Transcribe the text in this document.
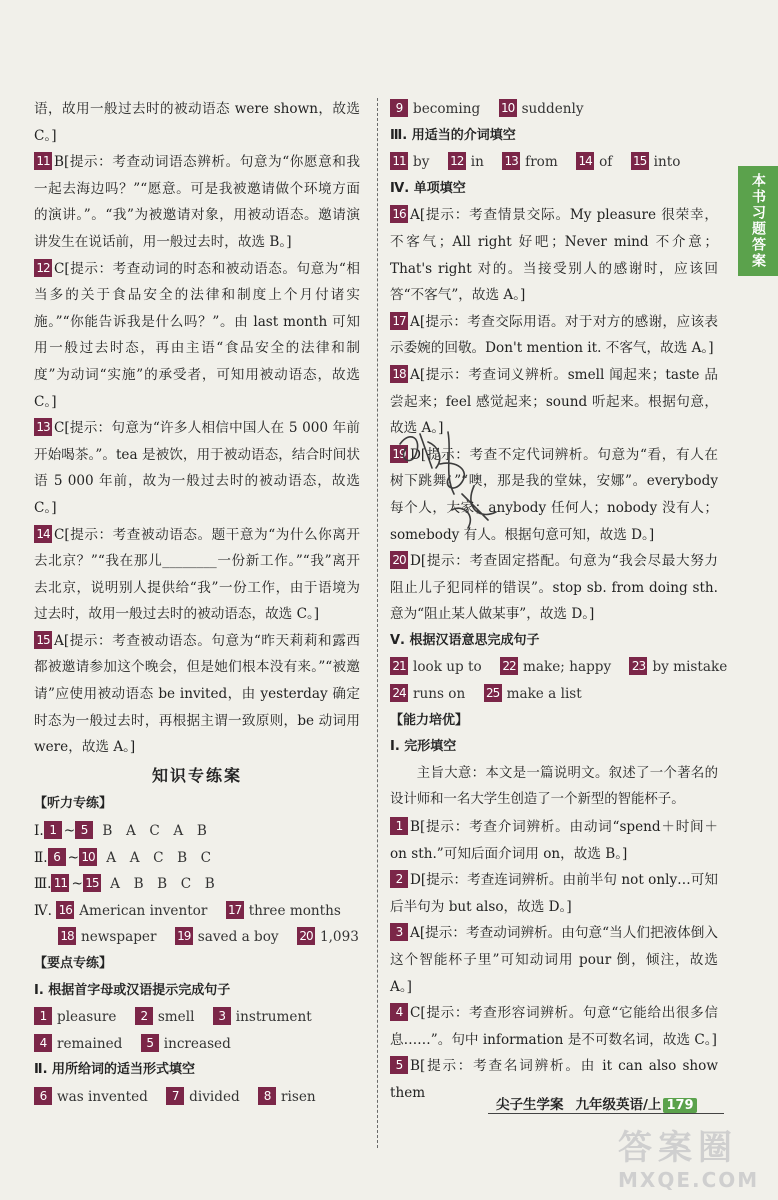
本书习题答案
语，故用一般过去时的被动语态 were shown，故选 C。]
11 B[提示：考查动词语态辨析。句意为“你愿意和我一起去海边吗？”“愿意。可是我被邀请做个环境方面的演讲。”。“我”为被邀请对象，用被动语态。邀请演讲发生在说话前，用一般过去时，故选 B。]
12 C[提示：考查动词的时态和被动语态。句意为“相当多的关于食品安全的法律和制度上个月付诸实施。”“你能告诉我是什么吗？”。由 last month 可知用一般过去时态，再由主语“食品安全的法律和制度”为动词“实施”的承受者，可知用被动语态，故选 C。]
13 C[提示：句意为“许多人相信中国人在 5 000 年前开始喝茶。”。tea 是被饮，用于被动语态，结合时间状语 5 000 年前，故为一般过去时的被动语态，故选 C。]
14 C[提示：考查被动语态。题干意为“为什么你离开去北京？”“我在那儿________一份新工作。”“我”离开去北京，说明别人提供给“我”一份工作，由于语境为过去时，故用一般过去时的被动语态，故选 C。]
15 A[提示：考查被动语态。句意为“昨天莉莉和露西都被邀请参加这个晚会，但是她们根本没有来。”“被邀请”应使用被动语态 be invited，由 yesterday 确定时态为一般过去时，再根据主谓一致原则，be 动词用 were，故选 A。]
知识专练案
【听力专练】
Ⅰ. 1 ~ 5 B　A　C　A　B
Ⅱ. 6 ~ 10 A　A　C　B　C
Ⅲ. 11 ~ 15 A　B　B　C　B
Ⅳ. 16 American inventor 17 three months
18 newspaper 19 saved a boy 20 1,093
【要点专练】
Ⅰ. 根据首字母或汉语提示完成句子
1 pleasure 2 smell 3 instrument
4 remained 5 increased
Ⅱ. 用所给词的适当形式填空
6 was invented 7 divided 8 risen
9 becoming 10 suddenly
Ⅲ. 用适当的介词填空
11 by 12 in 13 from 14 of 15 into
Ⅳ. 单项填空
16 A[提示：考查情景交际。My pleasure 很荣幸，不客气；All right 好吧；Never mind 不介意；That's right 对的。当接受别人的感谢时，应该回答“不客气”，故选 A。]
17 A[提示：考查交际用语。对于对方的感谢，应该表示委婉的回敬。Don't mention it. 不客气，故选 A。]
18 A[提示：考查词义辨析。smell 闻起来；taste 品尝起来；feel 感觉起来；sound 听起来。根据句意，故选 A。]
19 D[提示：考查不定代词辨析。句意为“看，有人在树下跳舞。”“噢，那是我的堂妹，安娜”。everybody 每个人，大家；anybody 任何人；nobody 没有人；somebody 有人。根据句意可知，故选 D。]
20 D[提示：考查固定搭配。句意为“我会尽最大努力阻止儿子犯同样的错误”。stop sb. from doing sth. 意为“阻止某人做某事”，故选 D。]
Ⅴ. 根据汉语意思完成句子
21 look up to 22 make; happy 23 by mistake
24 runs on 25 make a list
【能力培优】
Ⅰ. 完形填空
主旨大意：本文是一篇说明文。叙述了一个著名的设计师和一名大学生创造了一个新型的智能杯子。
1 B[提示：考查介词辨析。由动词“spend＋时间＋on sth.”可知后面介词用 on，故选 B。]
2 D[提示：考查连词辨析。由前半句 not only…可知后半句为 but also，故选 D。]
3 A[提示：考查动词辨析。由句意“当人们把液体倒入这个智能杯子里”可知动词用 pour 倒，倾注，故选 A。]
4 C[提示：考查形容词辨析。句意“它能给出很多信息……”。句中 information 是不可数名词，故选 C。]
5 B[提示：考查名词辨析。由 it can also show them
尖子生学案 九年级英语/上 179
答案圈
MXQE.COM
